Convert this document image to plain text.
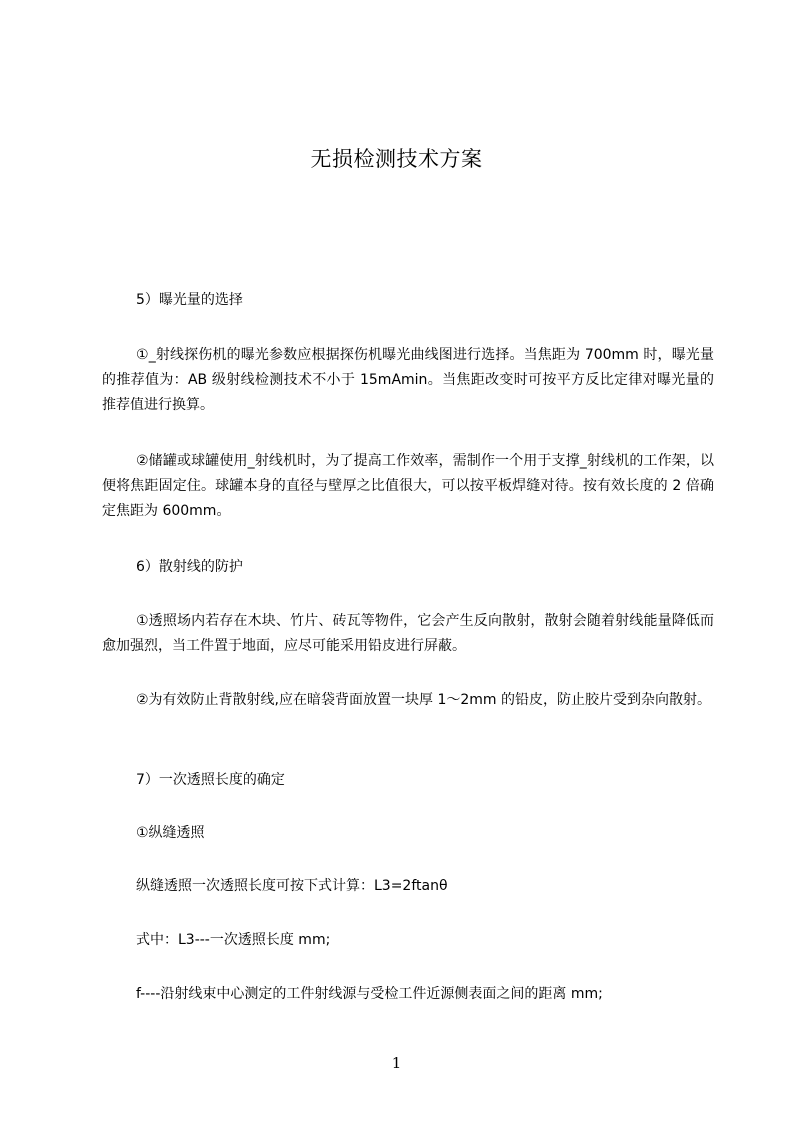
无损检测技术方案
5）曝光量的选择
①_射线探伤机的曝光参数应根据探伤机曝光曲线图进行选择。当焦距为 700mm 时，曝光量的推荐值为：AB 级射线检测技术不小于 15mAmin。当焦距改变时可按平方反比定律对曝光量的推荐值进行换算。
②储罐或球罐使用_射线机时，为了提高工作效率，需制作一个用于支撑_射线机的工作架，以便将焦距固定住。球罐本身的直径与壁厚之比值很大，可以按平板焊缝对待。按有效长度的 2 倍确定焦距为 600mm。
6）散射线的防护
①透照场内若存在木块、竹片、砖瓦等物件，它会产生反向散射，散射会随着射线能量降低而愈加强烈，当工件置于地面，应尽可能采用铅皮进行屏蔽。
②为有效防止背散射线,应在暗袋背面放置一块厚 1～2mm 的铅皮，防止胶片受到杂向散射。
7）一次透照长度的确定
①纵缝透照
纵缝透照一次透照长度可按下式计算：L3=2ftanθ
式中：L3---一次透照长度 mm;
f----沿射线束中心测定的工件射线源与受检工件近源侧表面之间的距离 mm;
1
